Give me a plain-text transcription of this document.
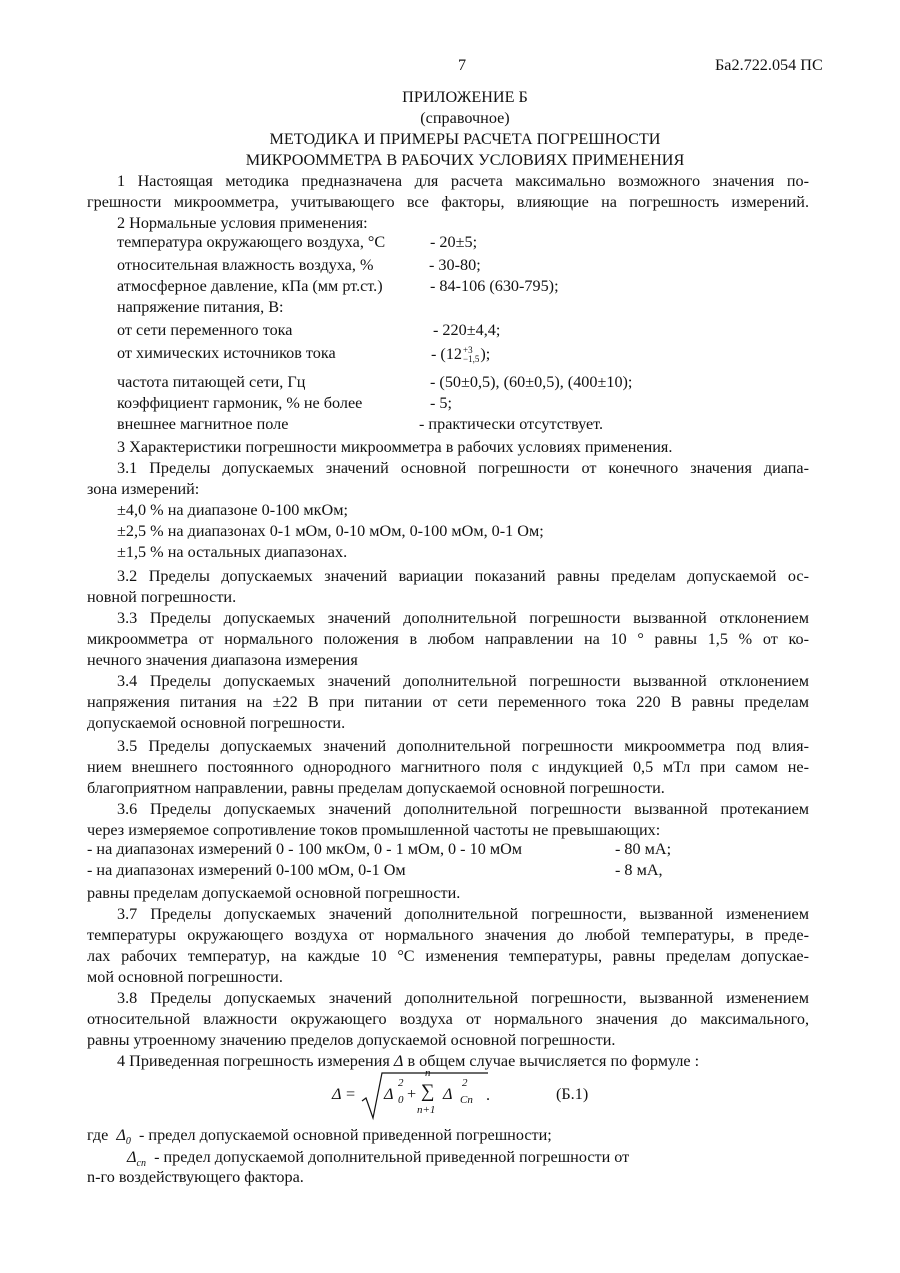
7	Ба2.722.054 ПС
ПРИЛОЖЕНИЕ Б
(справочное)
МЕТОДИКА И ПРИМЕРЫ РАСЧЕТА ПОГРЕШНОСТИ
МИКРООММЕТРА В РАБОЧИХ УСЛОВИЯХ ПРИМЕНЕНИЯ
1 Настоящая методика предназначена для расчета максимально возможного значения по-
грешности микроомметра, учитывающего все факторы, влияющие на погрешность измерений.
2 Нормальные условия применения:
температура окружающего воздуха, °С	- 20±5;
относительная влажность воздуха, %	- 30-80;
атмосферное давление, кПа (мм рт.ст.)	- 84-106 (630-795);
напряжение питания, В:
от сети переменного тока	- 220±4,4;
от химических источников тока	- (12 +3
−1,5 );
частота питающей сети, Гц	- (50±0,5), (60±0,5), (400±10);
коэффициент гармоник, % не более	- 5;
внешнее магнитное поле	- практически отсутствует.
3 Характеристики погрешности микроомметра в рабочих условиях применения.
3.1 Пределы допускаемых значений основной погрешности от конечного значения диапа-
зона измерений:
±4,0 % на диапазоне 0-100 мкОм;
±2,5 % на диапазонах 0-1 мОм, 0-10 мОм, 0-100 мОм, 0-1 Ом;
±1,5 % на остальных диапазонах.
3.2 Пределы допускаемых значений вариации показаний равны пределам допускаемой ос-
новной погрешности.
3.3 Пределы допускаемых значений дополнительной погрешности вызванной отклонением
микроомметра от нормального положения в любом направлении на 10 ° равны 1,5 % от ко-
нечного значения диапазона измерения
3.4 Пределы допускаемых значений дополнительной погрешности вызванной отклонением
напряжения питания на ±22 В при питании от сети переменного тока 220 В равны пределам
допускаемой основной погрешности.
3.5 Пределы допускаемых значений дополнительной погрешности микроомметра под влия-
нием внешнего постоянного однородного магнитного поля с индукцией 0,5 мТл при самом не-
благоприятном направлении, равны пределам допускаемой основной погрешности.
3.6 Пределы допускаемых значений дополнительной погрешности вызванной протеканием
через измеряемое сопротивление токов промышленной частоты не превышающих:
- на диапазонах измерений 0 - 100 мкОм, 0 - 1 мОм, 0 - 10 мОм	- 80 мА;
- на диапазонах измерений 0-100 мОм, 0-1 Ом	- 8 мА,
равны пределам допускаемой основной погрешности.
3.7 Пределы допускаемых значений дополнительной погрешности, вызванной изменением
температуры окружающего воздуха от нормального значения до любой температуры, в преде-
лах рабочих температур, на каждые 10 °С изменения температуры, равны пределам допускае-
мой основной погрешности.
3.8 Пределы допускаемых значений дополнительной погрешности, вызванной изменением
относительной влажности окружающего воздуха от нормального значения до максимального,
равны утроенному значению пределов допускаемой основной погрешности.
4 Приведенная погрешность измерения Δ в общем случае вычисляется по формуле :
Δ = Δ
2
0 +
n
∑
n+1
Δ
2
Cn .	(Б.1)
где $\Delta_0$ - предел допускаемой основной приведенной погрешности;
$\Delta_{cn}$ - предел допускаемой дополнительной приведенной погрешности от
n-го воздействующего фактора.
